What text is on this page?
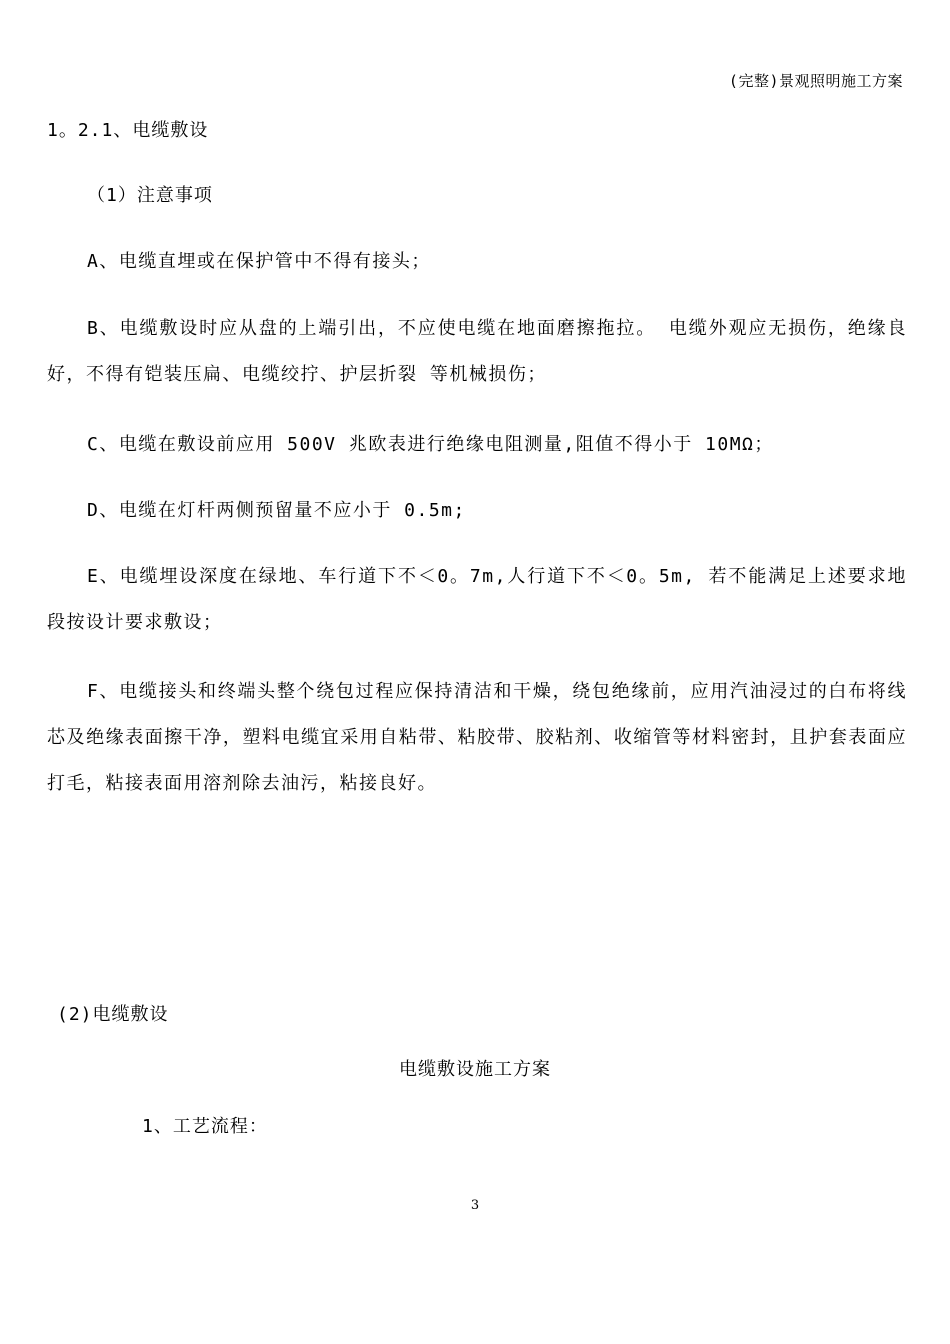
(完整)景观照明施工方案
1。2.1、电缆敷设
（1）注意事项
A、电缆直埋或在保护管中不得有接头；
B、电缆敷设时应从盘的上端引出，不应使电缆在地面磨擦拖拉。 电缆外观应无损伤，绝缘良好，不得有铠装压扁、电缆绞拧、护层折裂 等机械损伤；
C、电缆在敷设前应用 500V 兆欧表进行绝缘电阻测量,阻值不得小于 10MΩ；
D、电缆在灯杆两侧预留量不应小于 0.5m;
E、电缆埋设深度在绿地、车行道下不＜0。7m,人行道下不＜0。5m, 若不能满足上述要求地段按设计要求敷设；
F、电缆接头和终端头整个绕包过程应保持清洁和干燥，绕包绝缘前，应用汽油浸过的白布将线芯及绝缘表面擦干净，塑料电缆宜采用自粘带、粘胶带、胶粘剂、收缩管等材料密封，且护套表面应打毛，粘接表面用溶剂除去油污，粘接良好。
(2)电缆敷设
电缆敷设施工方案
1、工艺流程：
3
